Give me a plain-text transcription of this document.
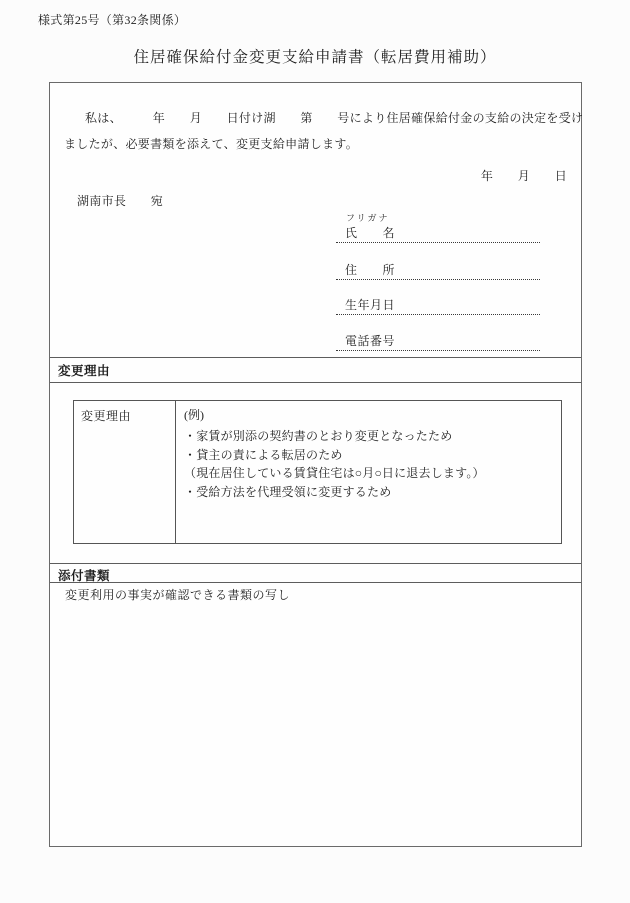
様式第25号（第32条関係）
住居確保給付金変更支給申請書（転居費用補助）
私は、　　　年　　月　　日付け湖　　第　　号により住居確保給付金の支給の決定を受け
ましたが、必要書類を添えて、変更支給申請します。
年　　月　　日
湖南市長　　宛
フリガナ
氏　　名
住　　所
生年月日
電話番号
変更理由
変更理由	(例)
・家賃が別添の契約書のとおり変更となったため
・貸主の責による転居のため
（現在居住している賃貸住宅は○月○日に退去します。）
・受給方法を代理受領に変更するため
添付書類
変更利用の事実が確認できる書類の写し
